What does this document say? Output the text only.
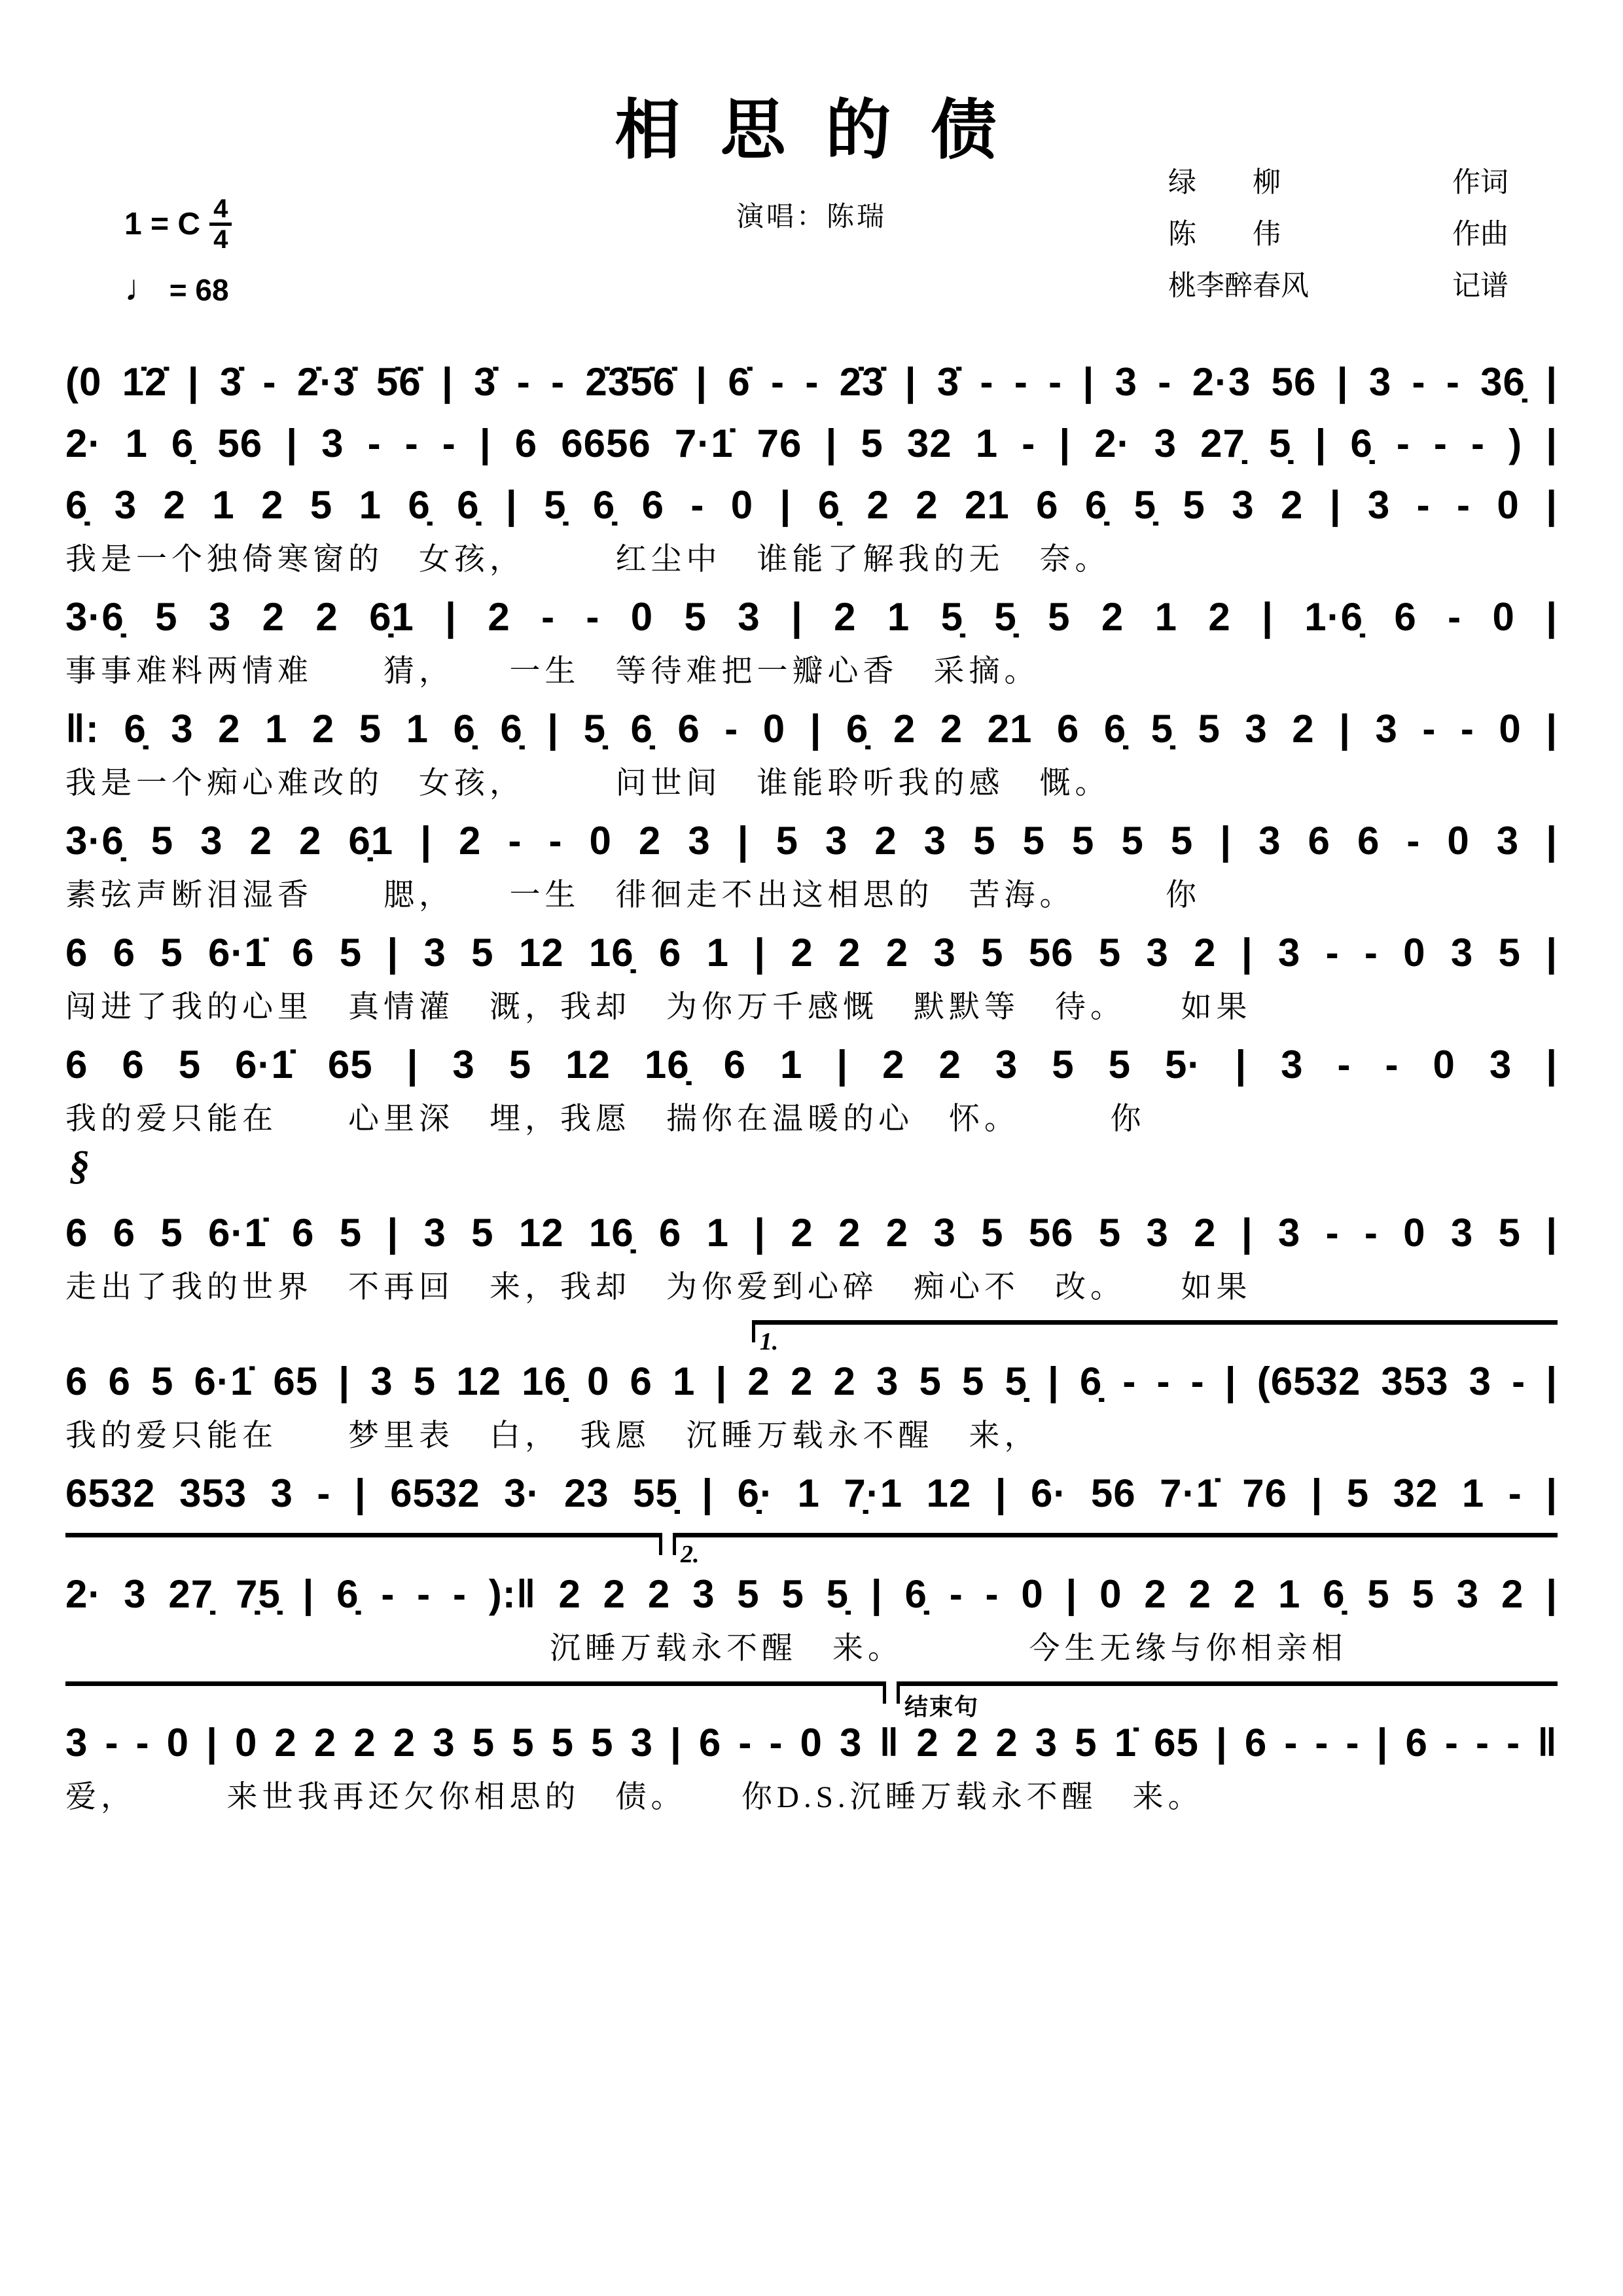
相 思 的 债
演唱：陈瑞
绿　　柳	作词
陈　　伟	作曲
桃李醉春风	记谱
1 = C $\frac{4}{4}$
♩ = 68
(0 1̇2̇ | 3̇ - 2̇·3̇ 5̇6̇ | 3̇ - - 2̇3̇5̇6̇ | 6̇ - - 2̇3̇ | 3̇ - - - | 3 - 2·3 56 | 3 - - 36̣ |
2· 1 6̣ 56 | 3 - - - | 6 6656 7·1̇ 76 | 5 32 1 - | 2· 3 27̣ 5̣ | 6̣ - - - ) |
6̣ 3 2 1 2 5 1 6̣ 6̣ | 5̣ 6̣ 6 - 0 | 6̣ 2 2 21 6 6̣ 5̣ 5 3 2 | 3 - - 0 |
我是一个独倚寒窗的　女孩，　　　红尘中　谁能了解我的无　奈。
3·6̣ 5 3 2 2 6̣1 | 2 - - 0 5 3 | 2 1 5̣ 5̣ 5 2 1 2 | 1·6̣ 6 - 0 |
事事难料两情难　　猜，　　一生　等待难把一瓣心香　采摘。
‖: 6̣ 3 2 1 2 5 1 6̣ 6̣ | 5̣ 6̣ 6 - 0 | 6̣ 2 2 21 6 6̣ 5̣ 5 3 2 | 3 - - 0 |
我是一个痴心难改的　女孩，　　　问世间　谁能聆听我的感　慨。
3·6̣ 5 3 2 2 6̣1 | 2 - - 0 2 3 | 5 3 2 3 5 5 5 5 5 | 3 6 6 - 0 3 |
素弦声断泪湿香　　腮，　　一生　徘徊走不出这相思的　苦海。　　　你
6 6 5 6·1̇ 6 5 | 3 5 12 16̣ 6 1 | 2 2 2 3 5 56 5 3 2 | 3 - - 0 3 5 |
闯进了我的心里　真情灌　溉，我却　为你万千感慨　默默等　待。　　如果
6 6 5 6·1̇ 65 | 3 5 12 16̣ 6 1 | 2 2 3 5 5 5· | 3 - - 0 3 |
我的爱只能在　　心里深　埋，我愿　揣你在温暖的心　怀。　　　你
§
6 6 5 6·1̇ 6 5 | 3 5 12 16̣ 6 1 | 2 2 2 3 5 56 5 3 2 | 3 - - 0 3 5 |
走出了我的世界　不再回　来，我却　为你爱到心碎　痴心不　改。　　如果
1.
6 6 5 6·1̇ 65 | 3 5 12 16̣ 0 6 1 | 2 2 2 3 5 5 5̣ | 6̣ - - - | (6532 353 3 - |
我的爱只能在　　梦里表　白，　我愿　沉睡万载永不醒　来，
6532 353 3 - | 6532 3· 23 55̣ | 6̣· 1 7̣·1 12 | 6· 56 7·1̇ 76 | 5 32 1 - |
2.
2· 3 27̣ 7̣5̣ | 6̣ - - - ):‖ 2 2 2 3 5 5 5̣ | 6̣ - - 0 | 0 2 2 2 1 6̣ 5 5 3 2 |
沉睡万载永不醒　来。　　　　今生无缘与你相亲相
结束句
3 - - 0 | 0 2 2 2 2 3 5 5 5 5 3 | 6 - - 0 3 ‖ 2 2 2 3 5 1̇ 65 | 6 - - - | 6 - - - ‖
爱，　　　来世我再还欠你相思的　债。　　你D.S.沉睡万载永不醒　来。
